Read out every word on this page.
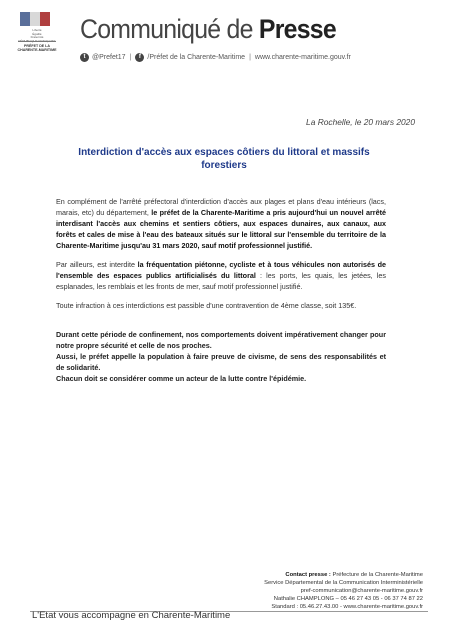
Liberté
Égalité
Fraternité
RÉPUBLIQUE FRANÇAISE
PRÉFET DE LA
CHARENTE-MARITIME
Communiqué de Presse
t @Prefet17 |	f /Préfet de la Charente-Maritime | www.charente-maritime.gouv.fr
La Rochelle, le 20 mars 2020
Interdiction d'accès aux espaces côtiers du littoral et massifs forestiers

En complément de l'arrêté préfectoral d'interdiction d'accès aux plages et plans d'eau intérieurs (lacs, marais, etc) du département, le préfet de la Charente-Maritime a pris aujourd'hui un nouvel arrêté interdisant l'accès aux chemins et sentiers côtiers, aux espaces dunaires, aux canaux, aux forêts et cales de mise à l'eau des bateaux situés sur le littoral sur l'ensemble du territoire de la Charente-Maritime jusqu'au 31 mars 2020, sauf motif professionnel justifié.

Par ailleurs, est interdite la fréquentation piétonne, cycliste et à tous véhicules non autorisés de l'ensemble des espaces publics artificialisés du littoral : les ports, les quais, les jetées, les esplanades, les remblais et les fronts de mer, sauf motif professionnel justifié.

Toute infraction à ces interdictions est passible d'une contravention de 4ème classe, soit 135€.

Durant cette période de confinement, nos comportements doivent impérativement changer pour notre propre sécurité et celle de nos proches.
Aussi, le préfet appelle la population à faire preuve de civisme, de sens des responsabilités et de solidarité.
Chacun doit se considérer comme un acteur de la lutte contre l'épidémie.
Contact presse : Préfecture de la Charente-Maritime
Service Départemental de la Communication Interministérielle
pref-communication@charente-maritime.gouv.fr
Nathalie CHAMPLONG – 05 46 27 43 05 - 06 37 74 87 22
Standard : 05.46.27.43.00 - www.charente-maritime.gouv.fr
L'Etat vous accompagne en Charente-Maritime
